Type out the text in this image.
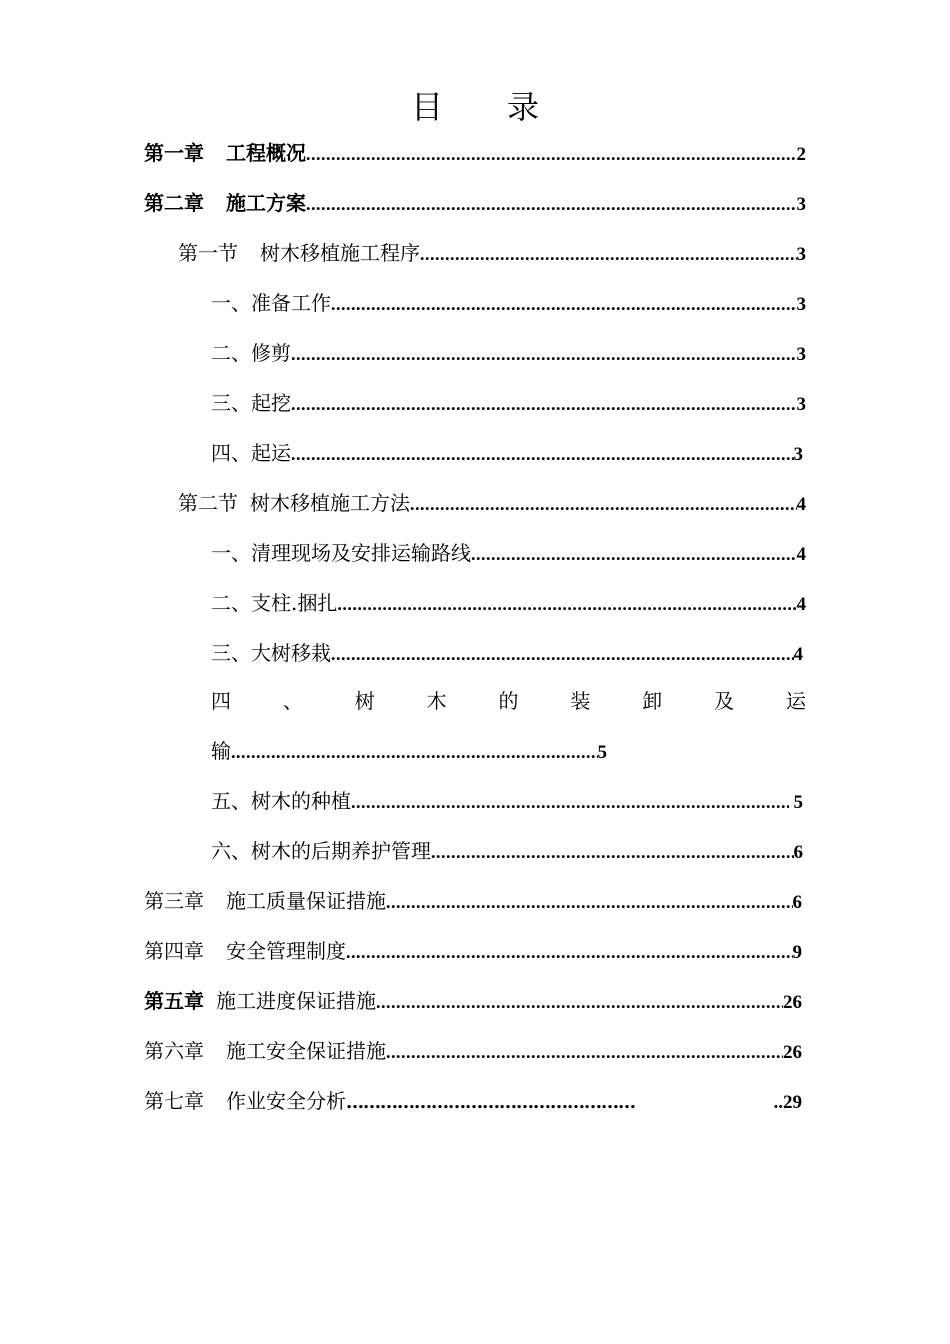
目 录
第一章 工程概况 .....	2
第二章 施工方案 .....	3
第一节 树木移植施工程序 .....	3
一、准备工作 .....	3
二、修剪 .....	3
三、起挖 .....	3
四、起运 .....	3
第二节 树木移植施工方法 .....	4
一、清理现场及安排运输路线 .....	4
二、支柱.捆扎 .....	4
三、大树移栽 .....	4
四	、	树	木	的	装	卸	及	运
输 .....	5
五、树木的种植 .....	5
六、树木的后期养护管理 .....	6
第三章 施工质量保证措施 .....	6
第四章 安全管理制度 .....	9
第五章 施工进度保证措施 .....	26
第六章 施工安全保证措施 .....	26
第七章 作业安全分析 ……………………………………………	..29
